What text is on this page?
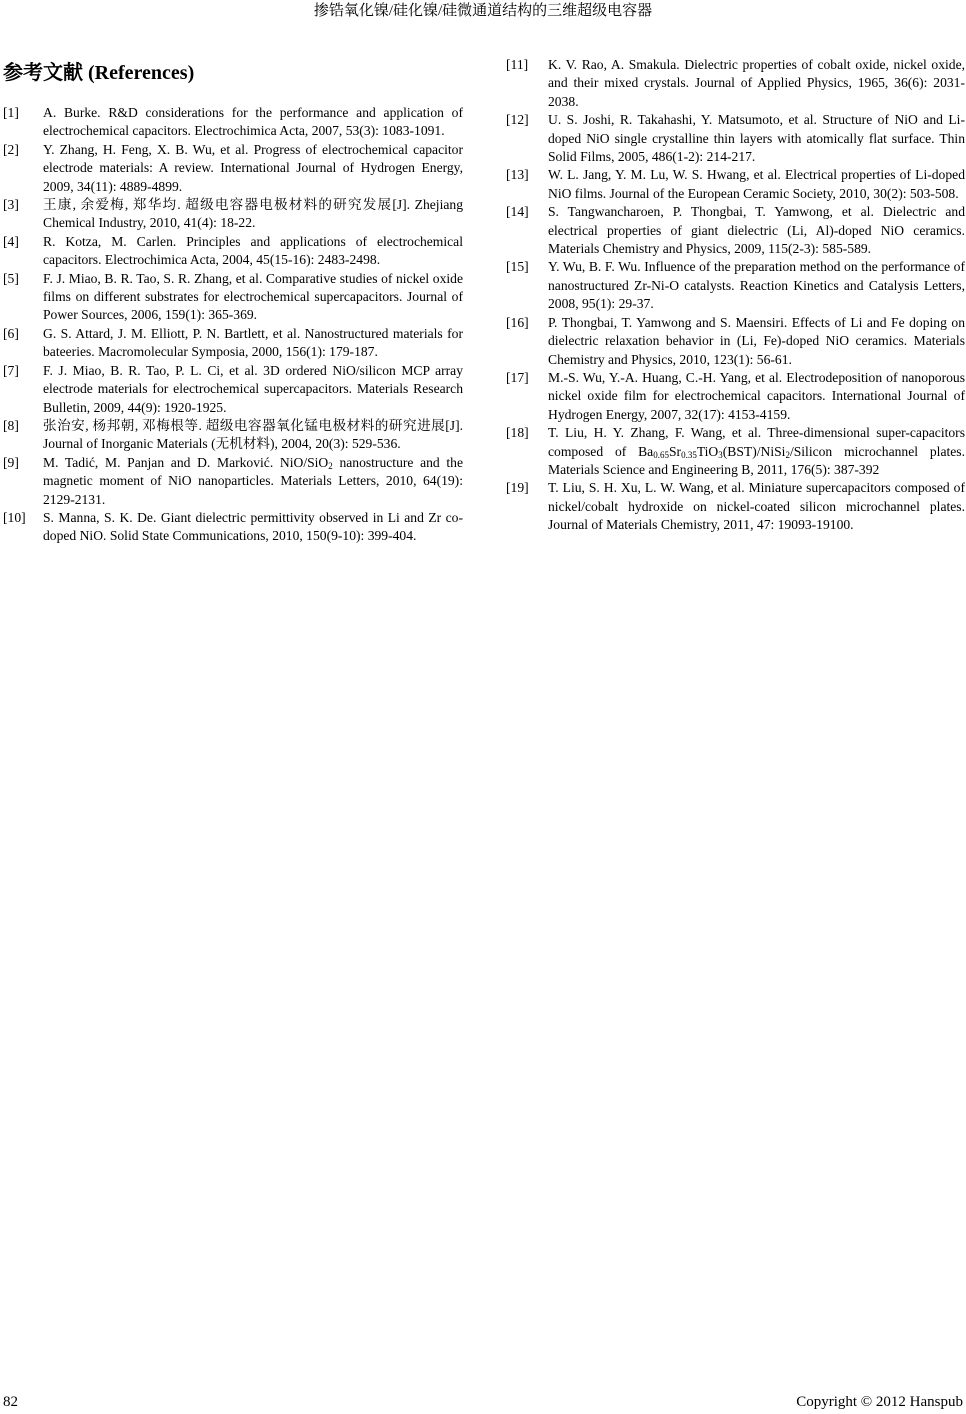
掺锆氧化镍/硅化镍/硅微通道结构的三维超级电容器
参考文献 (References)
[1] A. Burke. R&D considerations for the performance and application of electrochemical capacitors. Electrochimica Acta, 2007, 53(3): 1083-1091.
[2] Y. Zhang, H. Feng, X. B. Wu, et al. Progress of electrochemical capacitor electrode materials: A review. International Journal of Hydrogen Energy, 2009, 34(11): 4889-4899.
[3] 王康, 余爱梅, 郑华均. 超级电容器电极材料的研究发展[J]. Zhejiang Chemical Industry, 2010, 41(4): 18-22.
[4] R. Kotza, M. Carlen. Principles and applications of electrochemical capacitors. Electrochimica Acta, 2004, 45(15-16): 2483-2498.
[5] F. J. Miao, B. R. Tao, S. R. Zhang, et al. Comparative studies of nickel oxide films on different substrates for electrochemical supercapacitors. Journal of Power Sources, 2006, 159(1): 365-369.
[6] G. S. Attard, J. M. Elliott, P. N. Bartlett, et al. Nanostructured materials for bateeries. Macromolecular Symposia, 2000, 156(1): 179-187.
[7] F. J. Miao, B. R. Tao, P. L. Ci, et al. 3D ordered NiO/silicon MCP array electrode materials for electrochemical supercapacitors. Materials Research Bulletin, 2009, 44(9): 1920-1925.
[8] 张治安, 杨邦朝, 邓梅根等. 超级电容器氧化锰电极材料的研究进展[J]. Journal of Inorganic Materials (无机材料), 2004, 20(3): 529-536.
[9] M. Tadić, M. Panjan and D. Marković. NiO/SiO$_2$ nanostructure and the magnetic moment of NiO nanoparticles. Materials Letters, 2010, 64(19): 2129-2131.
[10] S. Manna, S. K. De. Giant dielectric permittivity observed in Li and Zr co-doped NiO. Solid State Communications, 2010, 150(9-10): 399-404.
[11] K. V. Rao, A. Smakula. Dielectric properties of cobalt oxide, nickel oxide, and their mixed crystals. Journal of Applied Physics, 1965, 36(6): 2031-2038.
[12] U. S. Joshi, R. Takahashi, Y. Matsumoto, et al. Structure of NiO and Li-doped NiO single crystalline thin layers with atomically flat surface. Thin Solid Films, 2005, 486(1-2): 214-217.
[13] W. L. Jang, Y. M. Lu, W. S. Hwang, et al. Electrical properties of Li-doped NiO films. Journal of the European Ceramic Society, 2010, 30(2): 503-508.
[14] S. Tangwancharoen, P. Thongbai, T. Yamwong, et al. Dielectric and electrical properties of giant dielectric (Li, Al)-doped NiO ceramics. Materials Chemistry and Physics, 2009, 115(2-3): 585-589.
[15] Y. Wu, B. F. Wu. Influence of the preparation method on the performance of nanostructured Zr-Ni-O catalysts. Reaction Kinetics and Catalysis Letters, 2008, 95(1): 29-37.
[16] P. Thongbai, T. Yamwong and S. Maensiri. Effects of Li and Fe doping on dielectric relaxation behavior in (Li, Fe)-doped NiO ceramics. Materials Chemistry and Physics, 2010, 123(1): 56-61.
[17] M.-S. Wu, Y.-A. Huang, C.-H. Yang, et al. Electrodeposition of nanoporous nickel oxide film for electrochemical capacitors. International Journal of Hydrogen Energy, 2007, 32(17): 4153-4159.
[18] T. Liu, H. Y. Zhang, F. Wang, et al. Three-dimensional super-capacitors composed of $Ba_{0.65}Sr_{0.35}TiO_3(BST)/NiSi_2$/Silicon microchannel plates. Materials Science and Engineering B, 2011, 176(5): 387-392
[19] T. Liu, S. H. Xu, L. W. Wang, et al. Miniature supercapacitors composed of nickel/cobalt hydroxide on nickel-coated silicon microchannel plates. Journal of Materials Chemistry, 2011, 47: 19093-19100.
82	Copyright © 2012 Hanspub
